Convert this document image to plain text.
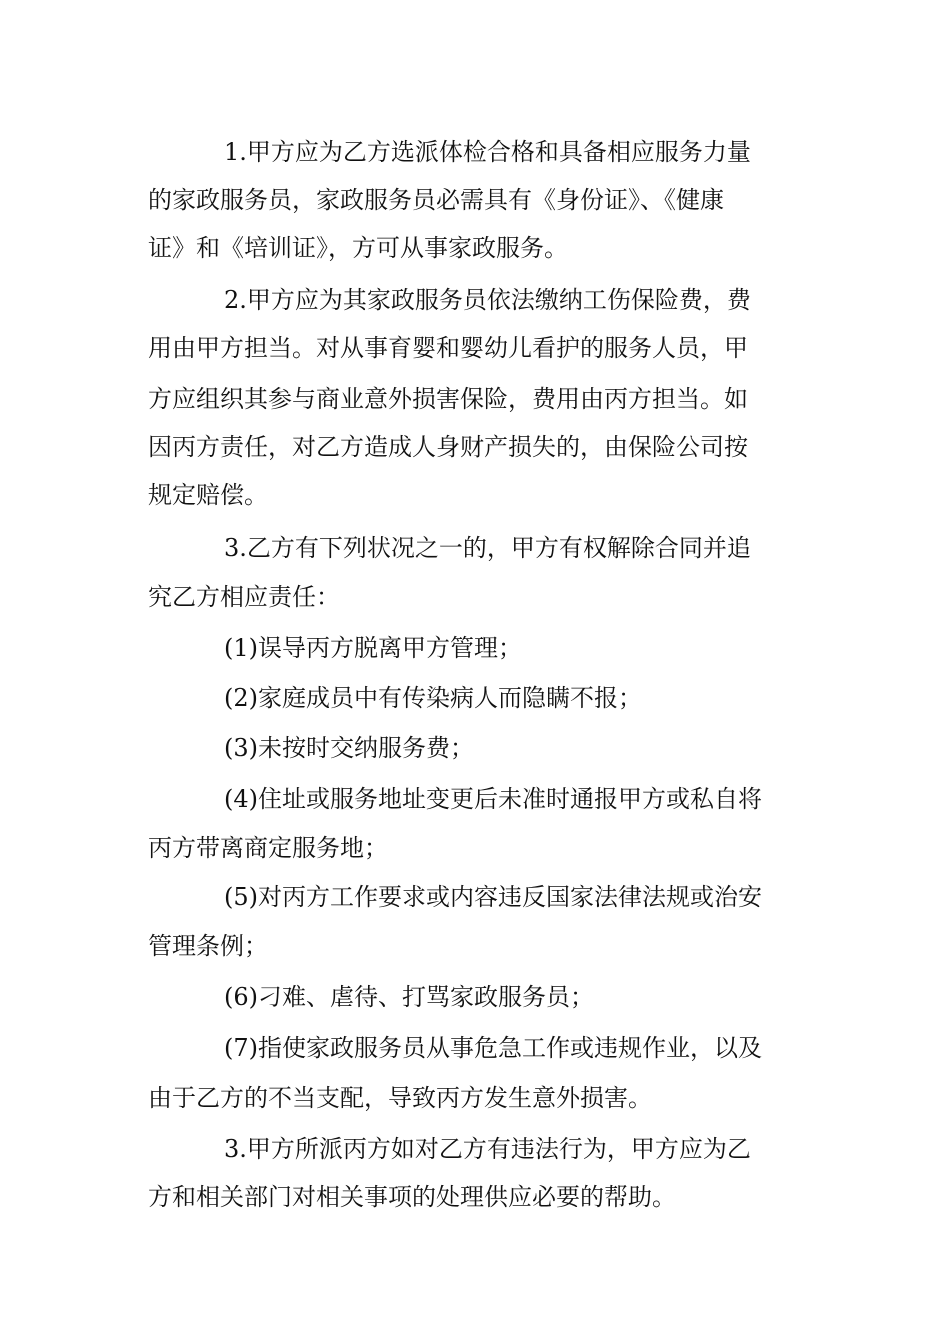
1.甲方应为乙方选派体检合格和具备相应服务力量
的家政服务员，家政服务员必需具有《身份证》、《健康
证》和《培训证》，方可从事家政服务。
2.甲方应为其家政服务员依法缴纳工伤保险费，费
用由甲方担当。对从事育婴和婴幼儿看护的服务人员，甲
方应组织其参与商业意外损害保险，费用由丙方担当。如
因丙方责任，对乙方造成人身财产损失的，由保险公司按
规定赔偿。
3.乙方有下列状况之一的，甲方有权解除合同并追
究乙方相应责任：
(1)误导丙方脱离甲方管理；
(2)家庭成员中有传染病人而隐瞒不报；
(3)未按时交纳服务费；
(4)住址或服务地址变更后未准时通报甲方或私自将
丙方带离商定服务地；
(5)对丙方工作要求或内容违反国家法律法规或治安
管理条例；
(6)刁难、虐待、打骂家政服务员；
(7)指使家政服务员从事危急工作或违规作业，以及
由于乙方的不当支配，导致丙方发生意外损害。
3.甲方所派丙方如对乙方有违法行为，甲方应为乙
方和相关部门对相关事项的处理供应必要的帮助。
